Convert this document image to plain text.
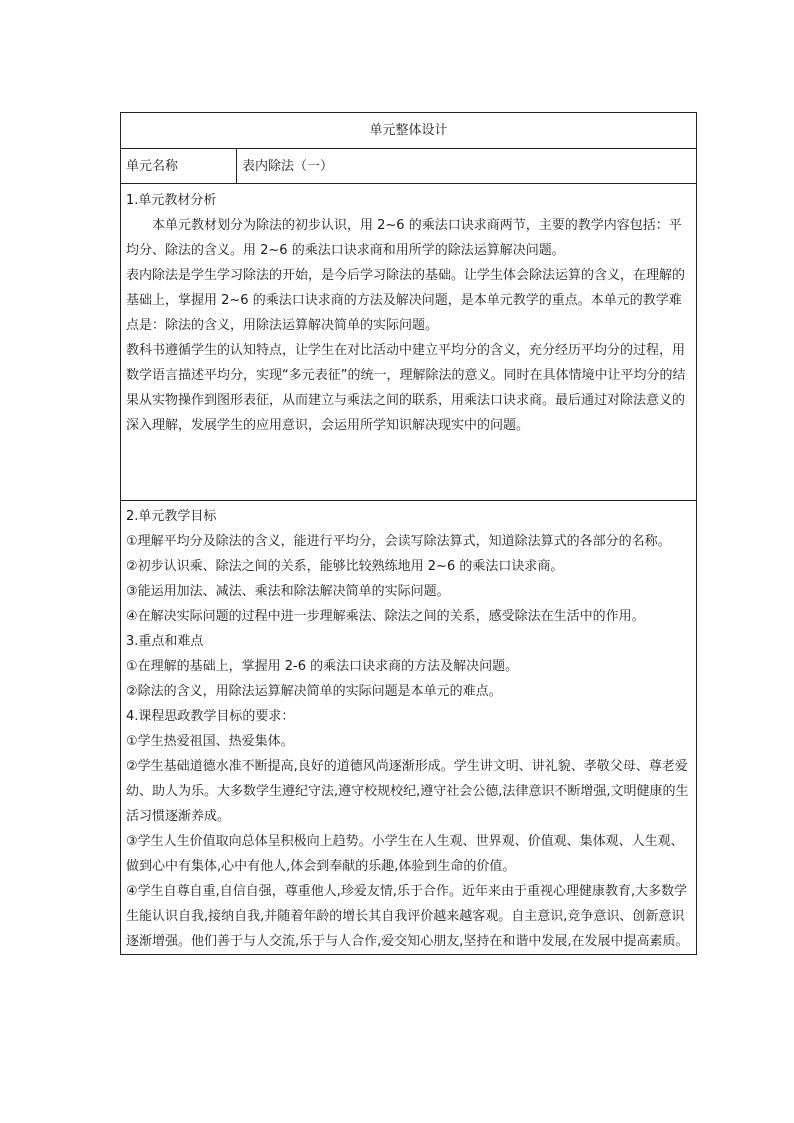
单元整体设计
单元名称	表内除法（一）

1.单元教材分析

本单元教材划分为除法的初步认识，用 2~6 的乘法口诀求商两节，主要的教学内容包括：平均分、除法的含义。用 2~6 的乘法口诀求商和用所学的除法运算解决问题。

表内除法是学生学习除法的开始，是今后学习除法的基础。让学生体会除法运算的含义，在理解的基础上，掌握用 2~6 的乘法口诀求商的方法及解决问题，是本单元教学的重点。本单元的教学难点是：除法的含义，用除法运算解决简单的实际问题。

教科书遵循学生的认知特点，让学生在对比活动中建立平均分的含义，充分经历平均分的过程，用数学语言描述平均分，实现“多元表征”的统一，理解除法的意义。同时在具体情境中让平均分的结果从实物操作到图形表征，从而建立与乘法之间的联系，用乘法口诀求商。最后通过对除法意义的深入理解，发展学生的应用意识，会运用所学知识解决现实中的问题。

2.单元教学目标

①理解平均分及除法的含义，能进行平均分，会读写除法算式，知道除法算式的各部分的名称。

②初步认识乘、除法之间的关系，能够比较熟练地用 2~6 的乘法口诀求商。

③能运用加法、减法、乘法和除法解决简单的实际问题。

④在解决实际问题的过程中进一步理解乘法、除法之间的关系，感受除法在生活中的作用。

3.重点和难点

①在理解的基础上，掌握用 2-6 的乘法口诀求商的方法及解决问题。

②除法的含义，用除法运算解决简单的实际问题是本单元的难点。

4.课程思政教学目标的要求：

①学生热爱祖国、热爱集体。

②学生基础道德水准不断提高,良好的道德风尚逐渐形成。学生讲文明、讲礼貌、孝敬父母、尊老爱幼、助人为乐。大多数学生遵纪守法,遵守校规校纪,遵守社会公德,法律意识不断增强,文明健康的生活习惯逐渐养成。

③学生人生价值取向总体呈积极向上趋势。小学生在人生观、世界观、价值观、集体观、人生观、做到心中有集体,心中有他人,体会到奉献的乐趣,体验到生命的价值。

④学生自尊自重,自信自强，尊重他人,珍爱友情,乐于合作。近年来由于重视心理健康教育,大多数学生能认识自我,接纳自我,并随着年龄的增长其自我评价越来越客观。自主意识,竞争意识、创新意识逐渐增强。他们善于与人交流,乐于与人合作,爱交知心朋友,坚持在和谐中发展,在发展中提高素质。
